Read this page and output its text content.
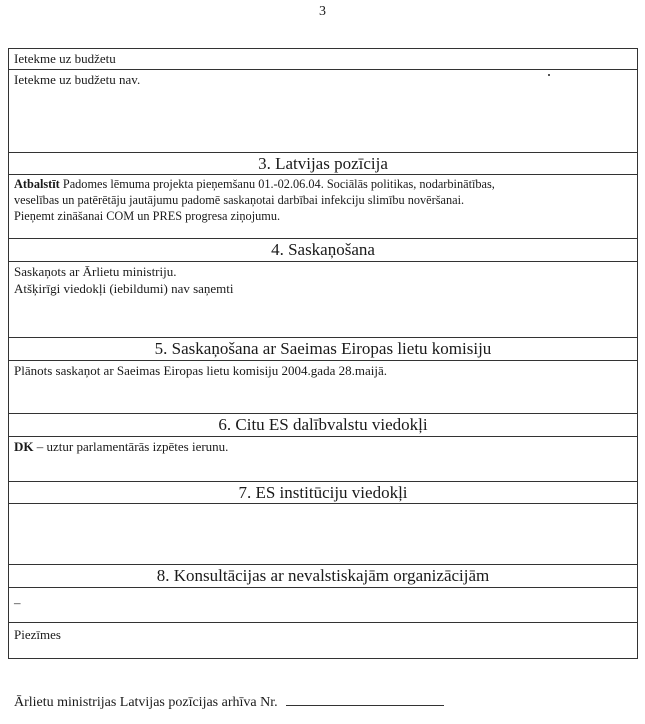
3
Ietekme uz budžetu
Ietekme uz budžetu nav.
3. Latvijas pozīcija

Atbalstīt Padomes lēmuma projekta pieņemšanu 01.-02.06.04. Sociālās politikas, nodarbinātības,

veselības un patērētāju jautājumu padomē saskaņotai darbībai infekciju slimību novēršanai.

Pieņemt zināšanai COM un PRES progresa ziņojumu.

4. Saskaņošana

Saskaņots ar Ārlietu ministriju.

Atšķirīgi viedokļi (iebildumi) nav saņemti

5. Saskaņošana ar Saeimas Eiropas lietu komisiju

Plānots saskaņot ar Saeimas Eiropas lietu komisiju 2004.gada 28.maijā.

6. Citu ES dalībvalstu viedokļi

DK – uztur parlamentārās izpētes ierunu.

7. ES institūciju viedokļi
8. Konsultācijas ar nevalstiskajām organizācijām
–
Piezīmes
Ārlietu ministrijas Latvijas pozīcijas arhīva Nr.
